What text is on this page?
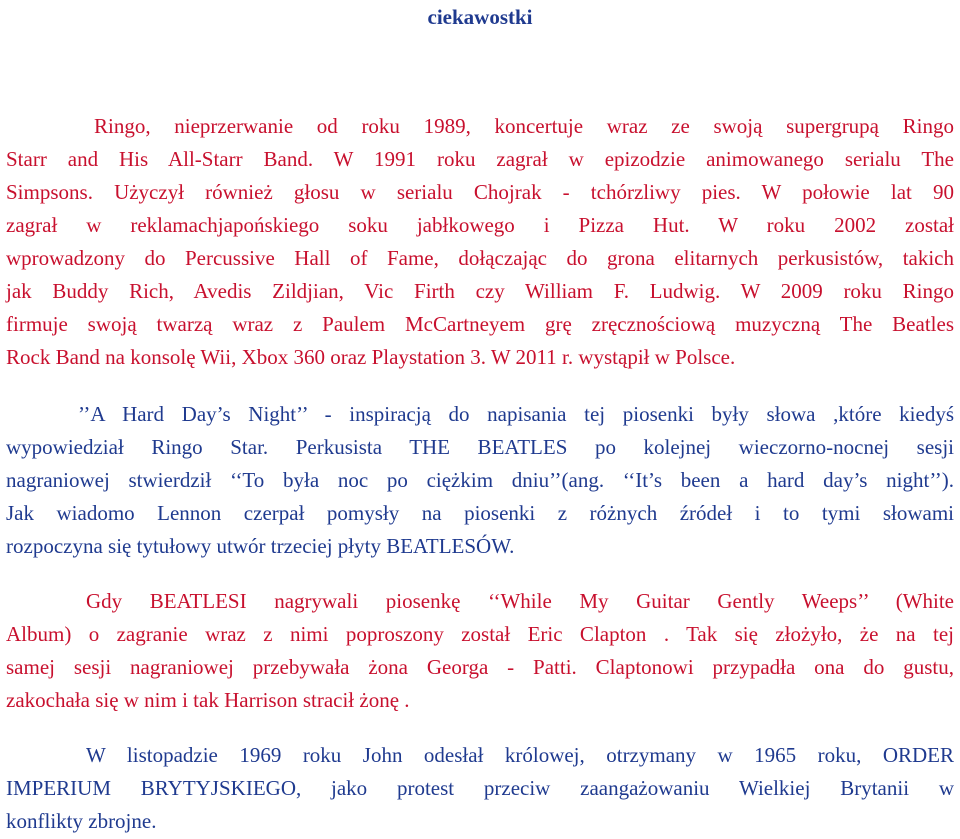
ciekawostki
Ringo, nieprzerwanie od roku 1989, koncertuje wraz ze swoją supergrupą Ringo
Starr and His All-Starr Band. W 1991 roku zagrał w epizodzie animowanego serialu The
Simpsons. Użyczył również głosu w serialu Chojrak - tchórzliwy pies. W połowie lat 90
zagrał w reklamachjapońskiego soku jabłkowego i Pizza Hut. W roku 2002 został
wprowadzony do Percussive Hall of Fame, dołączając do grona elitarnych perkusistów, takich
jak Buddy Rich, Avedis Zildjian, Vic Firth czy William F. Ludwig. W 2009 roku Ringo
firmuje swoją twarzą wraz z Paulem McCartneyem grę zręcznościową muzyczną The Beatles
Rock Band na konsolę Wii, Xbox 360 oraz Playstation 3. W 2011 r. wystąpił w Polsce.
’’A Hard Day’s Night’’ - inspiracją do napisania tej piosenki były słowa ,które kiedyś
wypowiedział Ringo Star. Perkusista THE BEATLES po kolejnej wieczorno-nocnej sesji
nagraniowej stwierdził ‘‘To była noc po ciężkim dniu’’(ang. ‘‘It’s been a hard day’s night’’).
Jak wiadomo Lennon czerpał pomysły na piosenki z różnych źródeł i to tymi słowami
rozpoczyna się tytułowy utwór trzeciej płyty BEATLESÓW.
Gdy BEATLESI nagrywali piosenkę ‘‘While My Guitar Gently Weeps’’ (White
Album) o zagranie wraz z nimi poproszony został Eric Clapton . Tak się złożyło, że na tej
samej sesji nagraniowej przebywała żona Georga - Patti. Claptonowi przypadła ona do gustu,
zakochała się w nim i tak Harrison stracił żonę .
W listopadzie 1969 roku John odesłał królowej, otrzymany w 1965 roku, ORDER
IMPERIUM BRYTYJSKIEGO, jako protest przeciw zaangażowaniu Wielkiej Brytanii w
konflikty zbrojne.
